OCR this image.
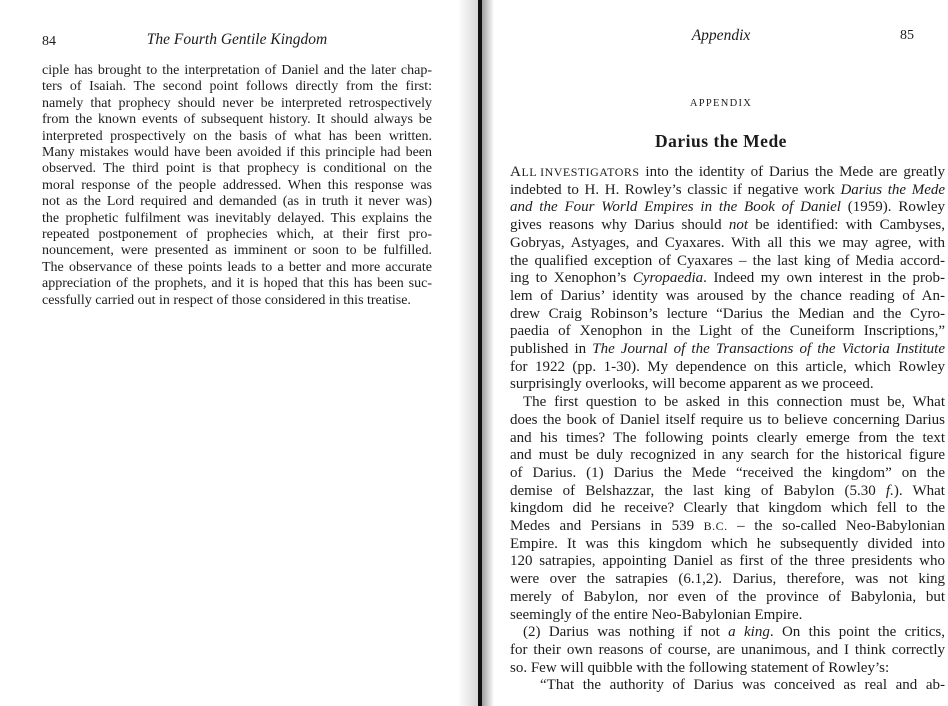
84	The Fourth Gentile Kingdom
ciple has brought to the interpretation of Daniel and the later chap-
ters of Isaiah. The second point follows directly from the first:
namely that prophecy should never be interpreted retrospectively
from the known events of subsequent history. It should always be
interpreted prospectively on the basis of what has been written.
Many mistakes would have been avoided if this principle had been
observed. The third point is that prophecy is conditional on the
moral response of the people addressed. When this response was
not as the Lord required and demanded (as in truth it never was)
the prophetic fulfilment was inevitably delayed. This explains the
repeated postponement of prophecies which, at their first pro-
nouncement, were presented as imminent or soon to be fulfilled.
The observance of these points leads to a better and more accurate
appreciation of the prophets, and it is hoped that this has been suc-
cessfully carried out in respect of those considered in this treatise.
Appendix	85
APPENDIX
Darius the Mede
ALL INVESTIGATORS into the identity of Darius the Mede are greatly
indebted to H. H. Rowley’s classic if negative work Darius the Mede
and the Four World Empires in the Book of Daniel (1959). Rowley
gives reasons why Darius should not be identified: with Cambyses,
Gobryas, Astyages, and Cyaxares. With all this we may agree, with
the qualified exception of Cyaxares – the last king of Media accord-
ing to Xenophon’s Cyropaedia. Indeed my own interest in the prob-
lem of Darius’ identity was aroused by the chance reading of An-
drew Craig Robinson’s lecture “Darius the Median and the Cyro-
paedia of Xenophon in the Light of the Cuneiform Inscriptions,”
published in The Journal of the Transactions of the Victoria Institute
for 1922 (pp. 1-30). My dependence on this article, which Rowley
surprisingly overlooks, will become apparent as we proceed.
The first question to be asked in this connection must be, What
does the book of Daniel itself require us to believe concerning Darius
and his times? The following points clearly emerge from the text
and must be duly recognized in any search for the historical figure
of Darius. (1) Darius the Mede “received the kingdom” on the
demise of Belshazzar, the last king of Babylon (5.30 f.). What
kingdom did he receive? Clearly that kingdom which fell to the
Medes and Persians in 539 B.C. – the so-called Neo-Babylonian
Empire. It was this kingdom which he subsequently divided into
120 satrapies, appointing Daniel as first of the three presidents who
were over the satrapies (6.1,2). Darius, therefore, was not king
merely of Babylon, nor even of the province of Babylonia, but
seemingly of the entire Neo-Babylonian Empire.
(2) Darius was nothing if not a king. On this point the critics,
for their own reasons of course, are unanimous, and I think correctly
so. Few will quibble with the following statement of Rowley’s:
“That the authority of Darius was conceived as real and ab-
